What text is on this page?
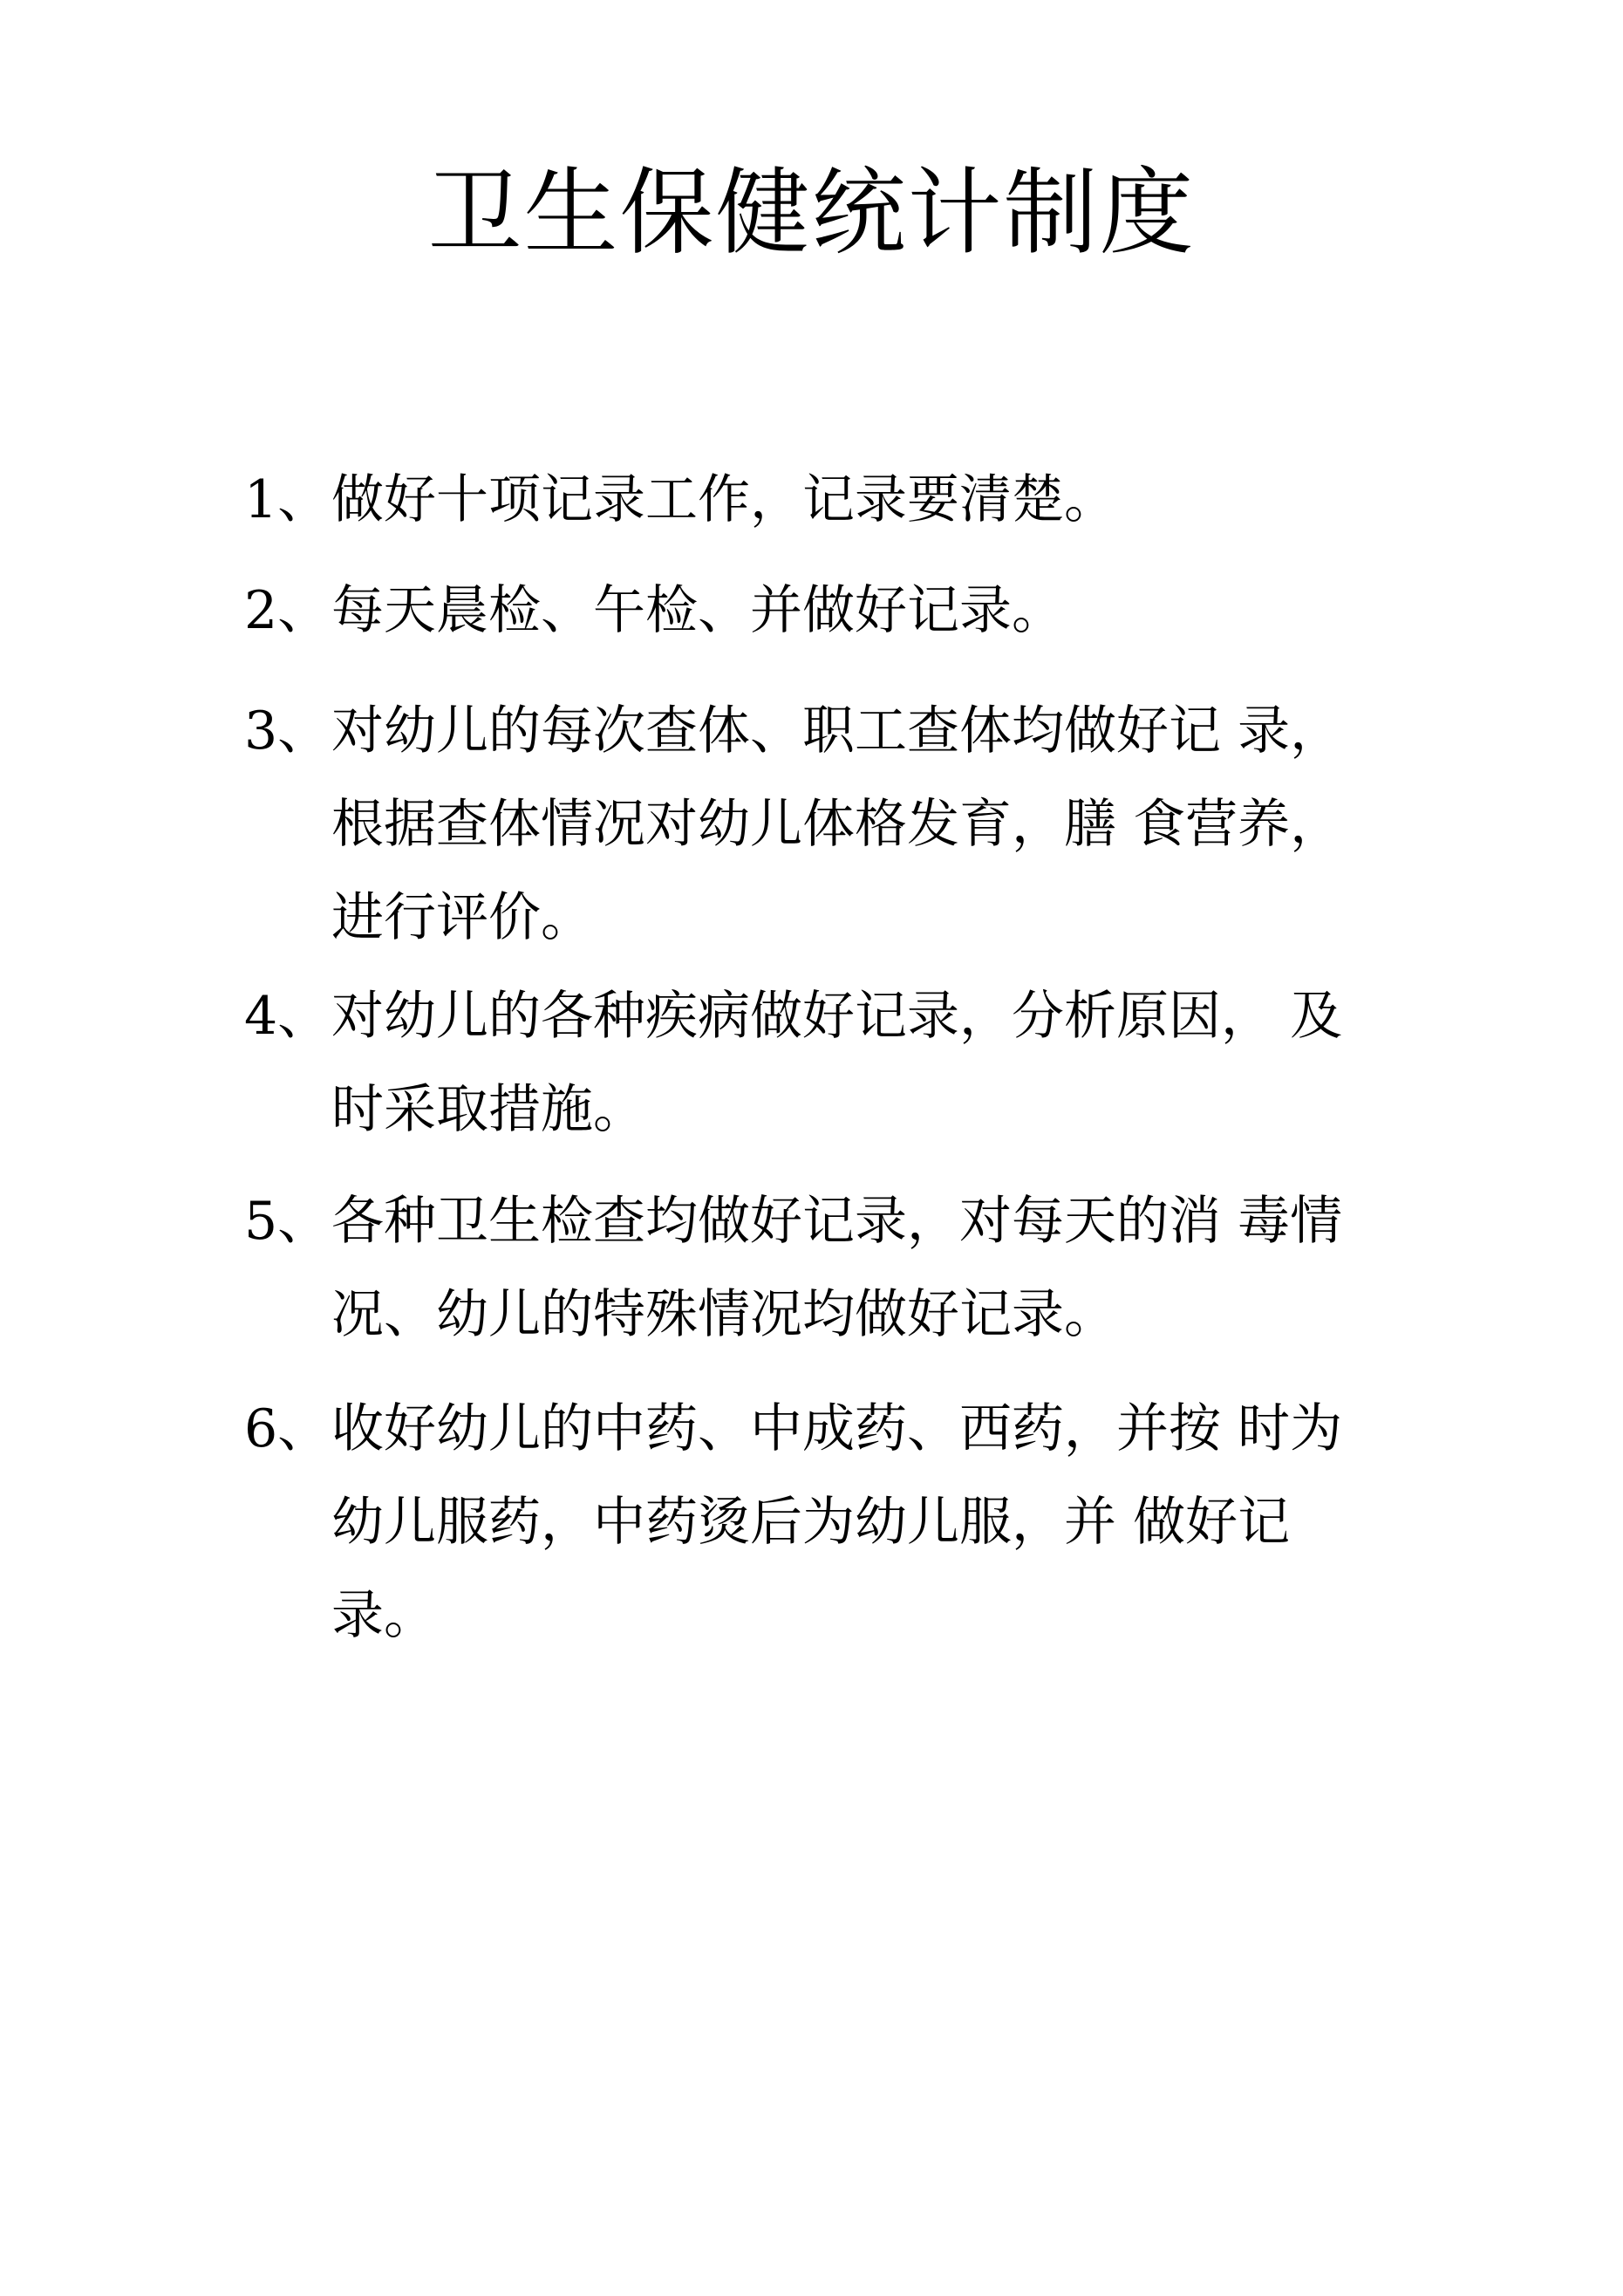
卫生保健统计制度
1、做好十项记录工作，记录要清楚。
2、每天晨检、午检、并做好记录。
3、对幼儿的每次查体、职工查体均做好记 录，
根据查体情况对幼儿体格发育，膳 食营养，
进行评价。
4、对幼儿的各种疾病做好记录，分析原因， 及
时采取措施。
5、各种卫生检查均做好记录，对每天的消 毒情
况、幼儿的特殊情况均做好记录。
6、收好幼儿的中药、中成药、西药，并按 时为
幼儿服药，中药烫后为幼儿服，并 做好记
录。
